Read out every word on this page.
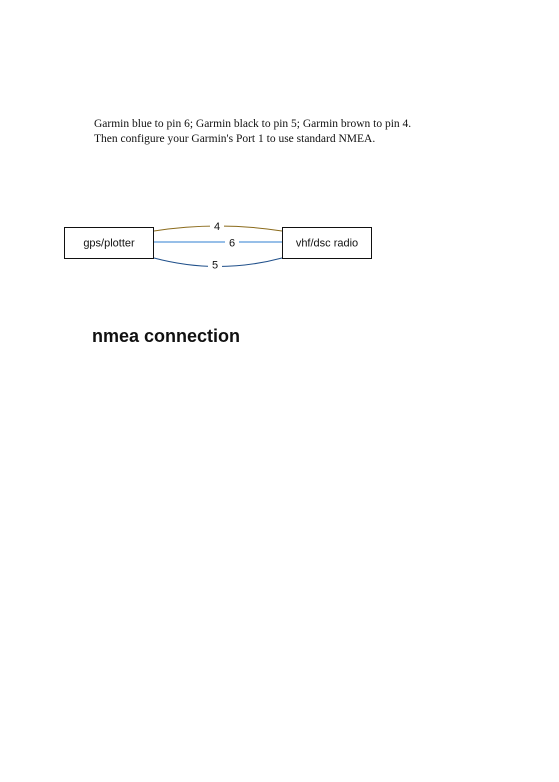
Garmin blue to pin 6; Garmin black to pin 5; Garmin brown to pin 4.

Then configure your Garmin's Port 1 to use standard NMEA.

4
6
5
gps/plotter	vhf/dsc radio
nmea connection
